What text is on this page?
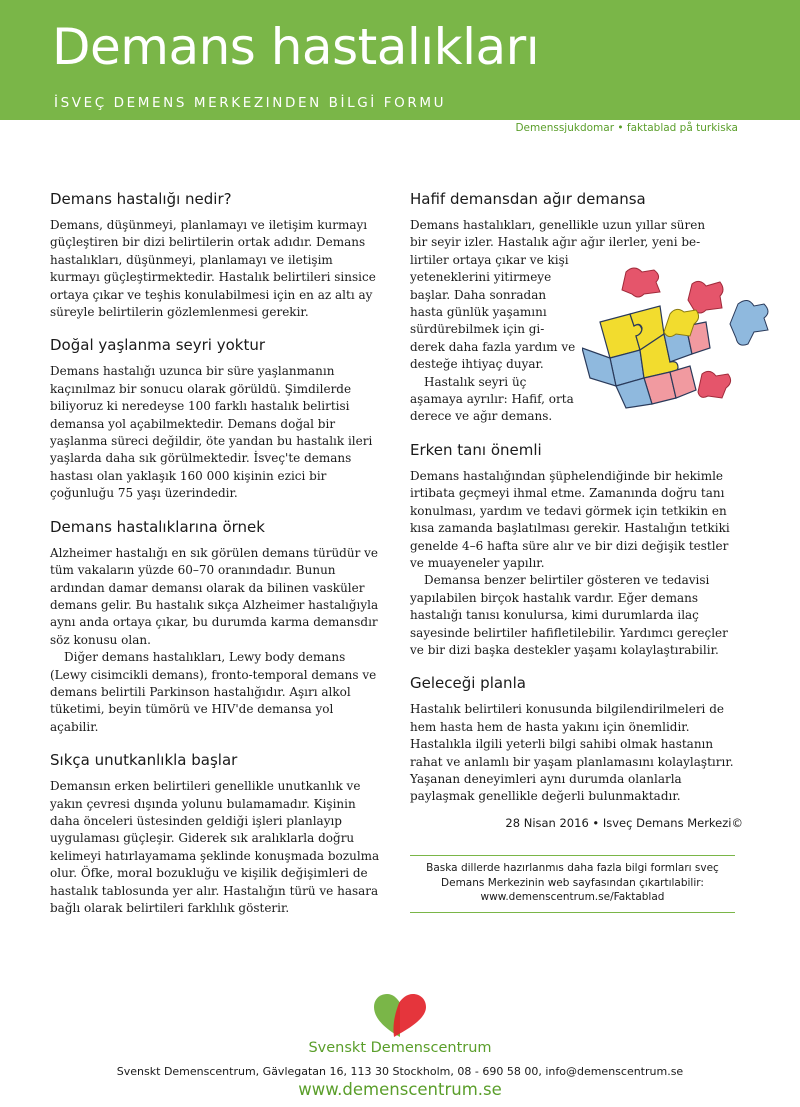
Demans hastalıkları
İSVEÇ DEMENS MERKEZINDEN BİLGİ FORMU
Demenssjukdomar • faktablad på turkiska
Demans hastalığı nedir?

Demans, düşünmeyi, planlamayı ve iletişim kurmayı güçleştiren bir dizi belirtilerin ortak adıdır. Demans hastalıkları, düşünmeyi, planlamayı ve iletişim kurmayı güçleştirmektedir. Hastalık belirtileri sinsice ortaya çıkar ve teşhis konulabilmesi için en az altı ay süreyle belirtilerin gözlemlenmesi gerekir.

Doğal yaşlanma seyri yoktur

Demans hastalığı uzunca bir süre yaşlanmanın kaçınılmaz bir sonucu olarak görüldü. Şimdilerde biliyoruz ki neredeyse 100 farklı hastalık belirtisi demansa yol açabilmektedir. Demans doğal bir yaşlanma süreci değildir, öte yandan bu hastalık ileri yaşlarda daha sık görülmektedir. İsveç'te demans hastası olan yaklaşık 160 000 kişinin ezici bir çoğunluğu 75 yaşı üzerindedir.

Demans hastalıklarına örnek

Alzheimer hastalığı en sık görülen demans türüdür ve tüm vakaların yüzde 60–70 oranındadır. Bunun ardından damar demansı olarak da bilinen vasküler demans gelir. Bu hastalık sıkça Alzheimer hastalığıyla aynı anda ortaya çıkar, bu durumda karma demansdır söz konusu olan.

Diğer demans hastalıkları, Lewy body demans (Lewy cisimcikli demans), fronto-temporal demans ve demans belirtili Parkinson hastalığıdır. Aşırı alkol tüketimi, beyin tümörü ve HIV'de demansa yol açabilir.

Sıkça unutkanlıkla başlar

Demansın erken belirtileri genellikle unutkanlık ve yakın çevresi dışında yolunu bulamamadır. Kişinin daha önceleri üstesinden geldiği işleri planlayıp uygulaması güçleşir. Giderek sık aralıklarla doğru kelimeyi hatırlayamama şeklinde konuşmada bozulma olur. Öfke, moral bozukluğu ve kişilik değişimleri de hastalık tablosunda yer alır. Hastalığın türü ve hasara bağlı olarak belirtileri farklılık gösterir.

Hafif demansdan ağır demansa

Demans hastalıkları, genellikle uzun yıllar süren
bir seyir izler. Hastalık ağır ağır ilerler, yeni be-
lirtiler ortaya çıkar ve kişi
yeteneklerini yitirmeye
başlar. Daha sonradan
hasta günlük yaşamını
sürdürebilmek için gi-
derek daha fazla yardım ve
desteğe ihtiyaç duyar.
Hastalık seyri üç
aşamaya ayrılır: Hafif, orta
derece ve ağır demans.

Erken tanı önemli

Demans hastalığından şüphelendiğinde bir hekimle irtibata geçmeyi ihmal etme. Zamanında doğru tanı konulması, yardım ve tedavi görmek için tetkikin en kısa zamanda başlatılması gerekir. Hastalığın tetkiki genelde 4–6 hafta süre alır ve bir dizi değişik testler ve muayeneler yapılır.

Demansa benzer belirtiler gösteren ve tedavisi yapılabilen birçok hastalık vardır. Eğer demans hastalığı tanısı konulursa, kimi durumlarda ilaç sayesinde belirtiler hafifletilebilir. Yardımcı gereçler ve bir dizi başka destekler yaşamı kolaylaştırabilir.

Geleceği planla

Hastalık belirtileri konusunda bilgilendirilmeleri de hem hasta hem de hasta yakını için önemlidir. Hastalıkla ilgili yeterli bilgi sahibi olmak hastanın rahat ve anlamlı bir yaşam planlamasını kolaylaştırır. Yaşanan deneyimleri aynı durumda olanlarla paylaşmak genellikle değerli bulunmaktadır.

28 Nisan 2016 • Isveç Demans Merkezi©
Baska dillerde hazırlanmıs daha fazla bilgi formları sveç
Demans Merkezinin web sayfasından çıkartılabilir:
www.demenscentrum.se/Faktablad
Svenskt Demenscentrum
Svenskt Demenscentrum, Gävlegatan 16, 113 30 Stockholm, 08 - 690 58 00, info@demenscentrum.se
www.demenscentrum.se
